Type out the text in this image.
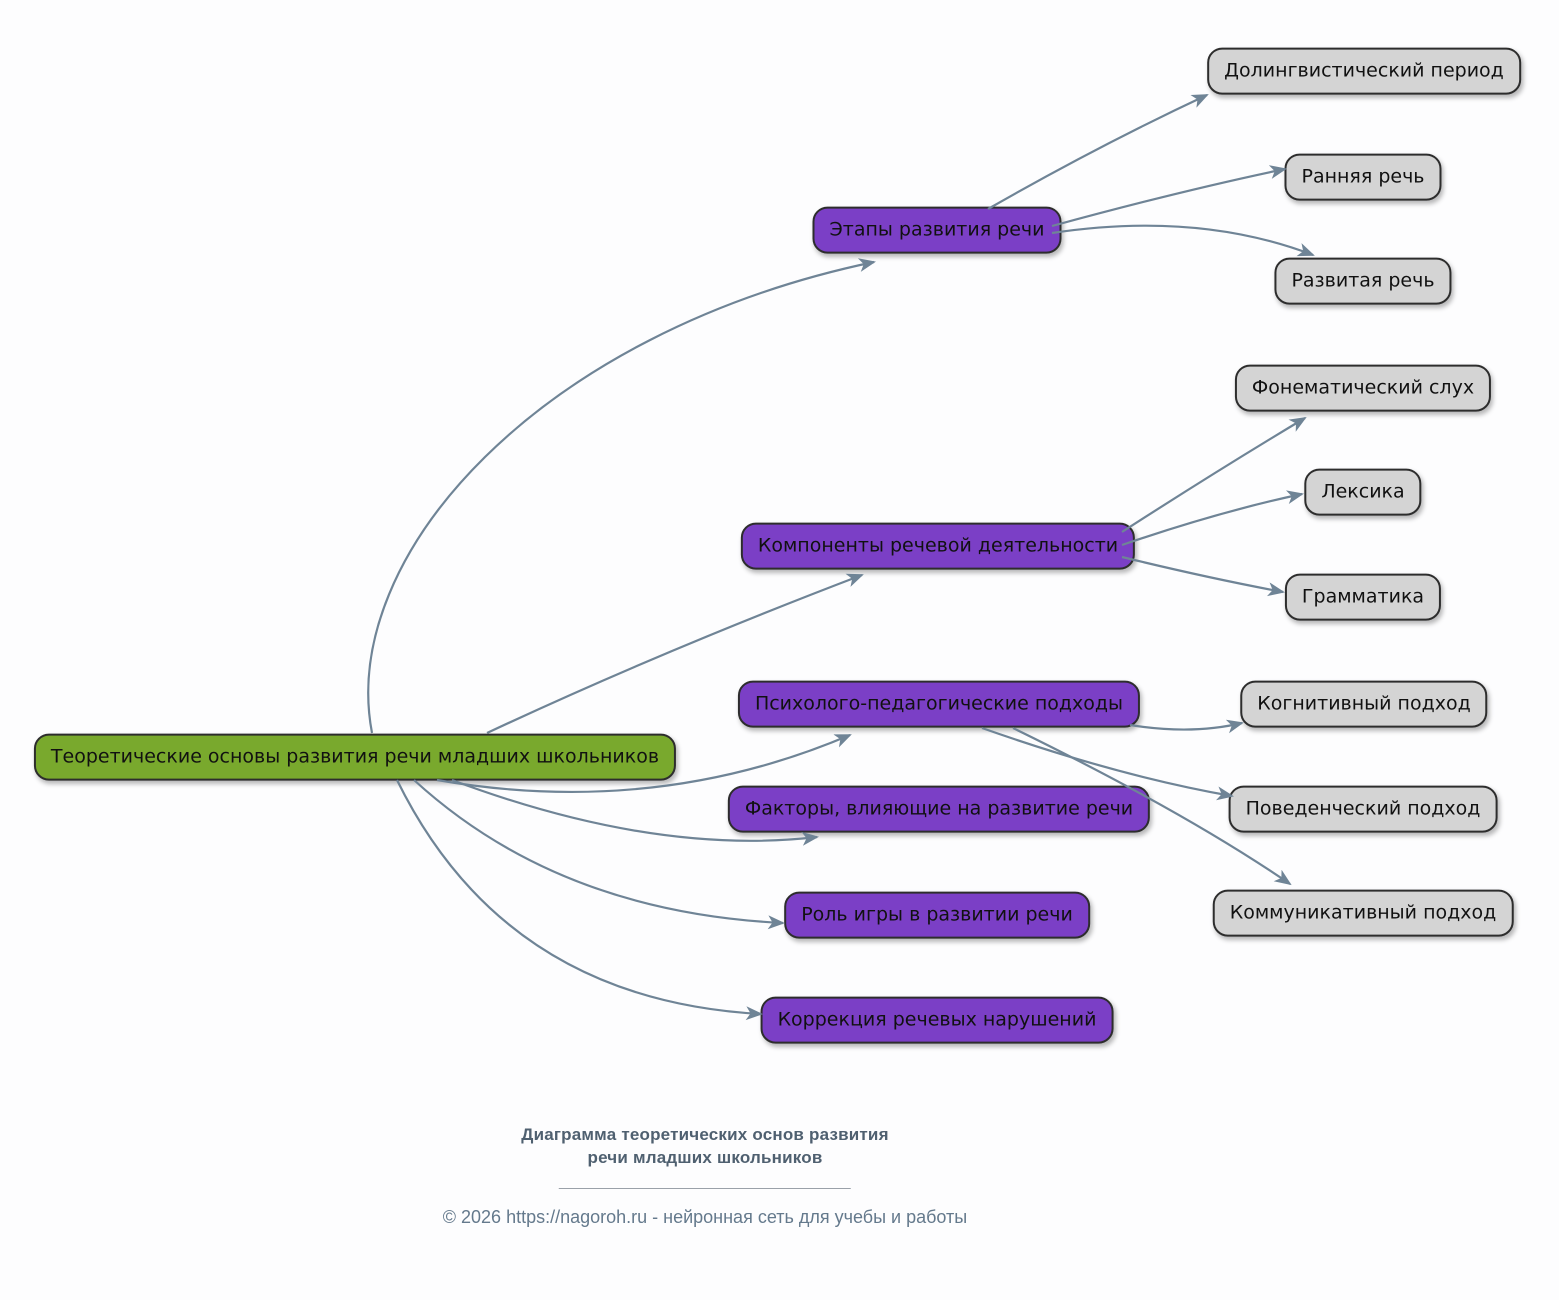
Теоретические основы развития речи младших школьников
Этапы развития речи
Долингвистический период
Ранняя речь
Развитая речь
Компоненты речевой деятельности
Фонематический слух
Лексика
Грамматика
Психолого-педагогические подходы	Когнитивный подход
Поведенческий подход
Коммуникативный подход
Факторы, влияющие на развитие речи
Роль игры в развитии речи
Коррекция речевых нарушений
Диаграмма теоретических основ развития речи младших школьников
© 2026 https://nagoroh.ru - нейронная сеть для учебы и работы
